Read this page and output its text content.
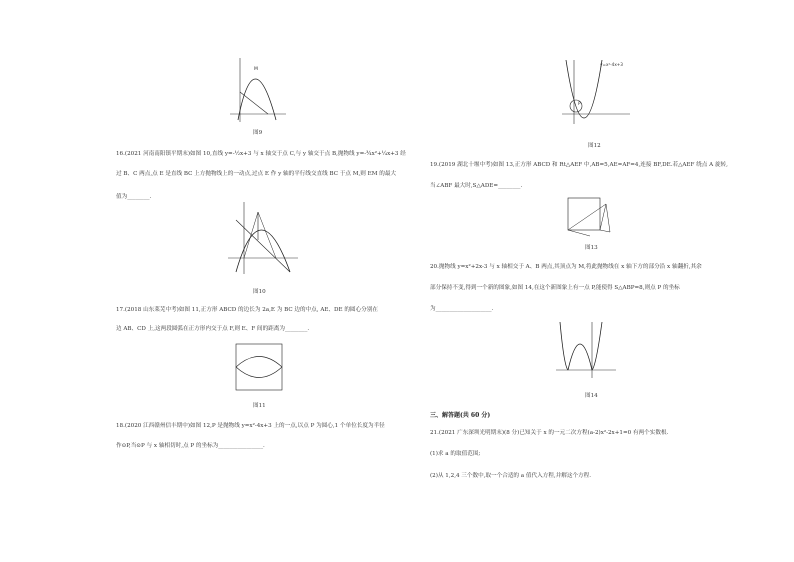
M
图9
16.(2021 河南南阳镇平期末)如图 10,直线 y=-½x+3 与 x 轴交于点 C,与 y 轴交于点 B,抛物线 y=-¾x²+¼x+3 经
过 B、C 两点,点 E 是直线 BC 上方抛物线上的一动点,过点 E 作 y 轴的平行线交直线 BC 于点 M,则 EM 的最大
值为________.
图10
17.(2018 山东莱芜中考)如图 11,正方形 ABCD 的边长为 2a,E 为 BC 边的中点, AE、DE 的圆心分别在
边 AB、CD 上,这两段圆弧在正方形内交于点 F,则 E、F 间的距离为________.
图11
18.(2020 江西赣州信丰期中)如图 12,P 是抛物线 y=x²-4x+3 上的一点,以点 P 为圆心,1 个单位长度为半径
作⊙P,当⊙P 与 x 轴相切时,点 P 的坐标为________________.
y=x²-4x+3
P
图12
19.(2019 湖北十堰中考)如图 13,正方形 ABCD 和 Rt△AEF 中,AB=5,AE=AF=4,连接 BF,DE.若△AEF 绕点 A 旋转,
当∠ABF 最大时,S△ADE=________.
图13
20.抛物线 y=x²+2x-3 与 x 轴相交于 A、B 两点,其顶点为 M,将此抛物线在 x 轴下方的部分沿 x 轴翻折,其余
部分保持不变,得到一个新的图象,如图 14,在这个新图象上有一点 P,能使得 S△ABP=8,则点 P 的坐标
为____________________.
图14
三、解答题(共 60 分)
21.(2021 广东深圳光明期末)(8 分)已知关于 x 的一元二次方程(a-2)x²-2x+1=0 有两个实数根.
(1)求 a 的取值范围;
(2)从 1,2,4 三个数中,取一个合适的 a 值代入方程,并解这个方程.
